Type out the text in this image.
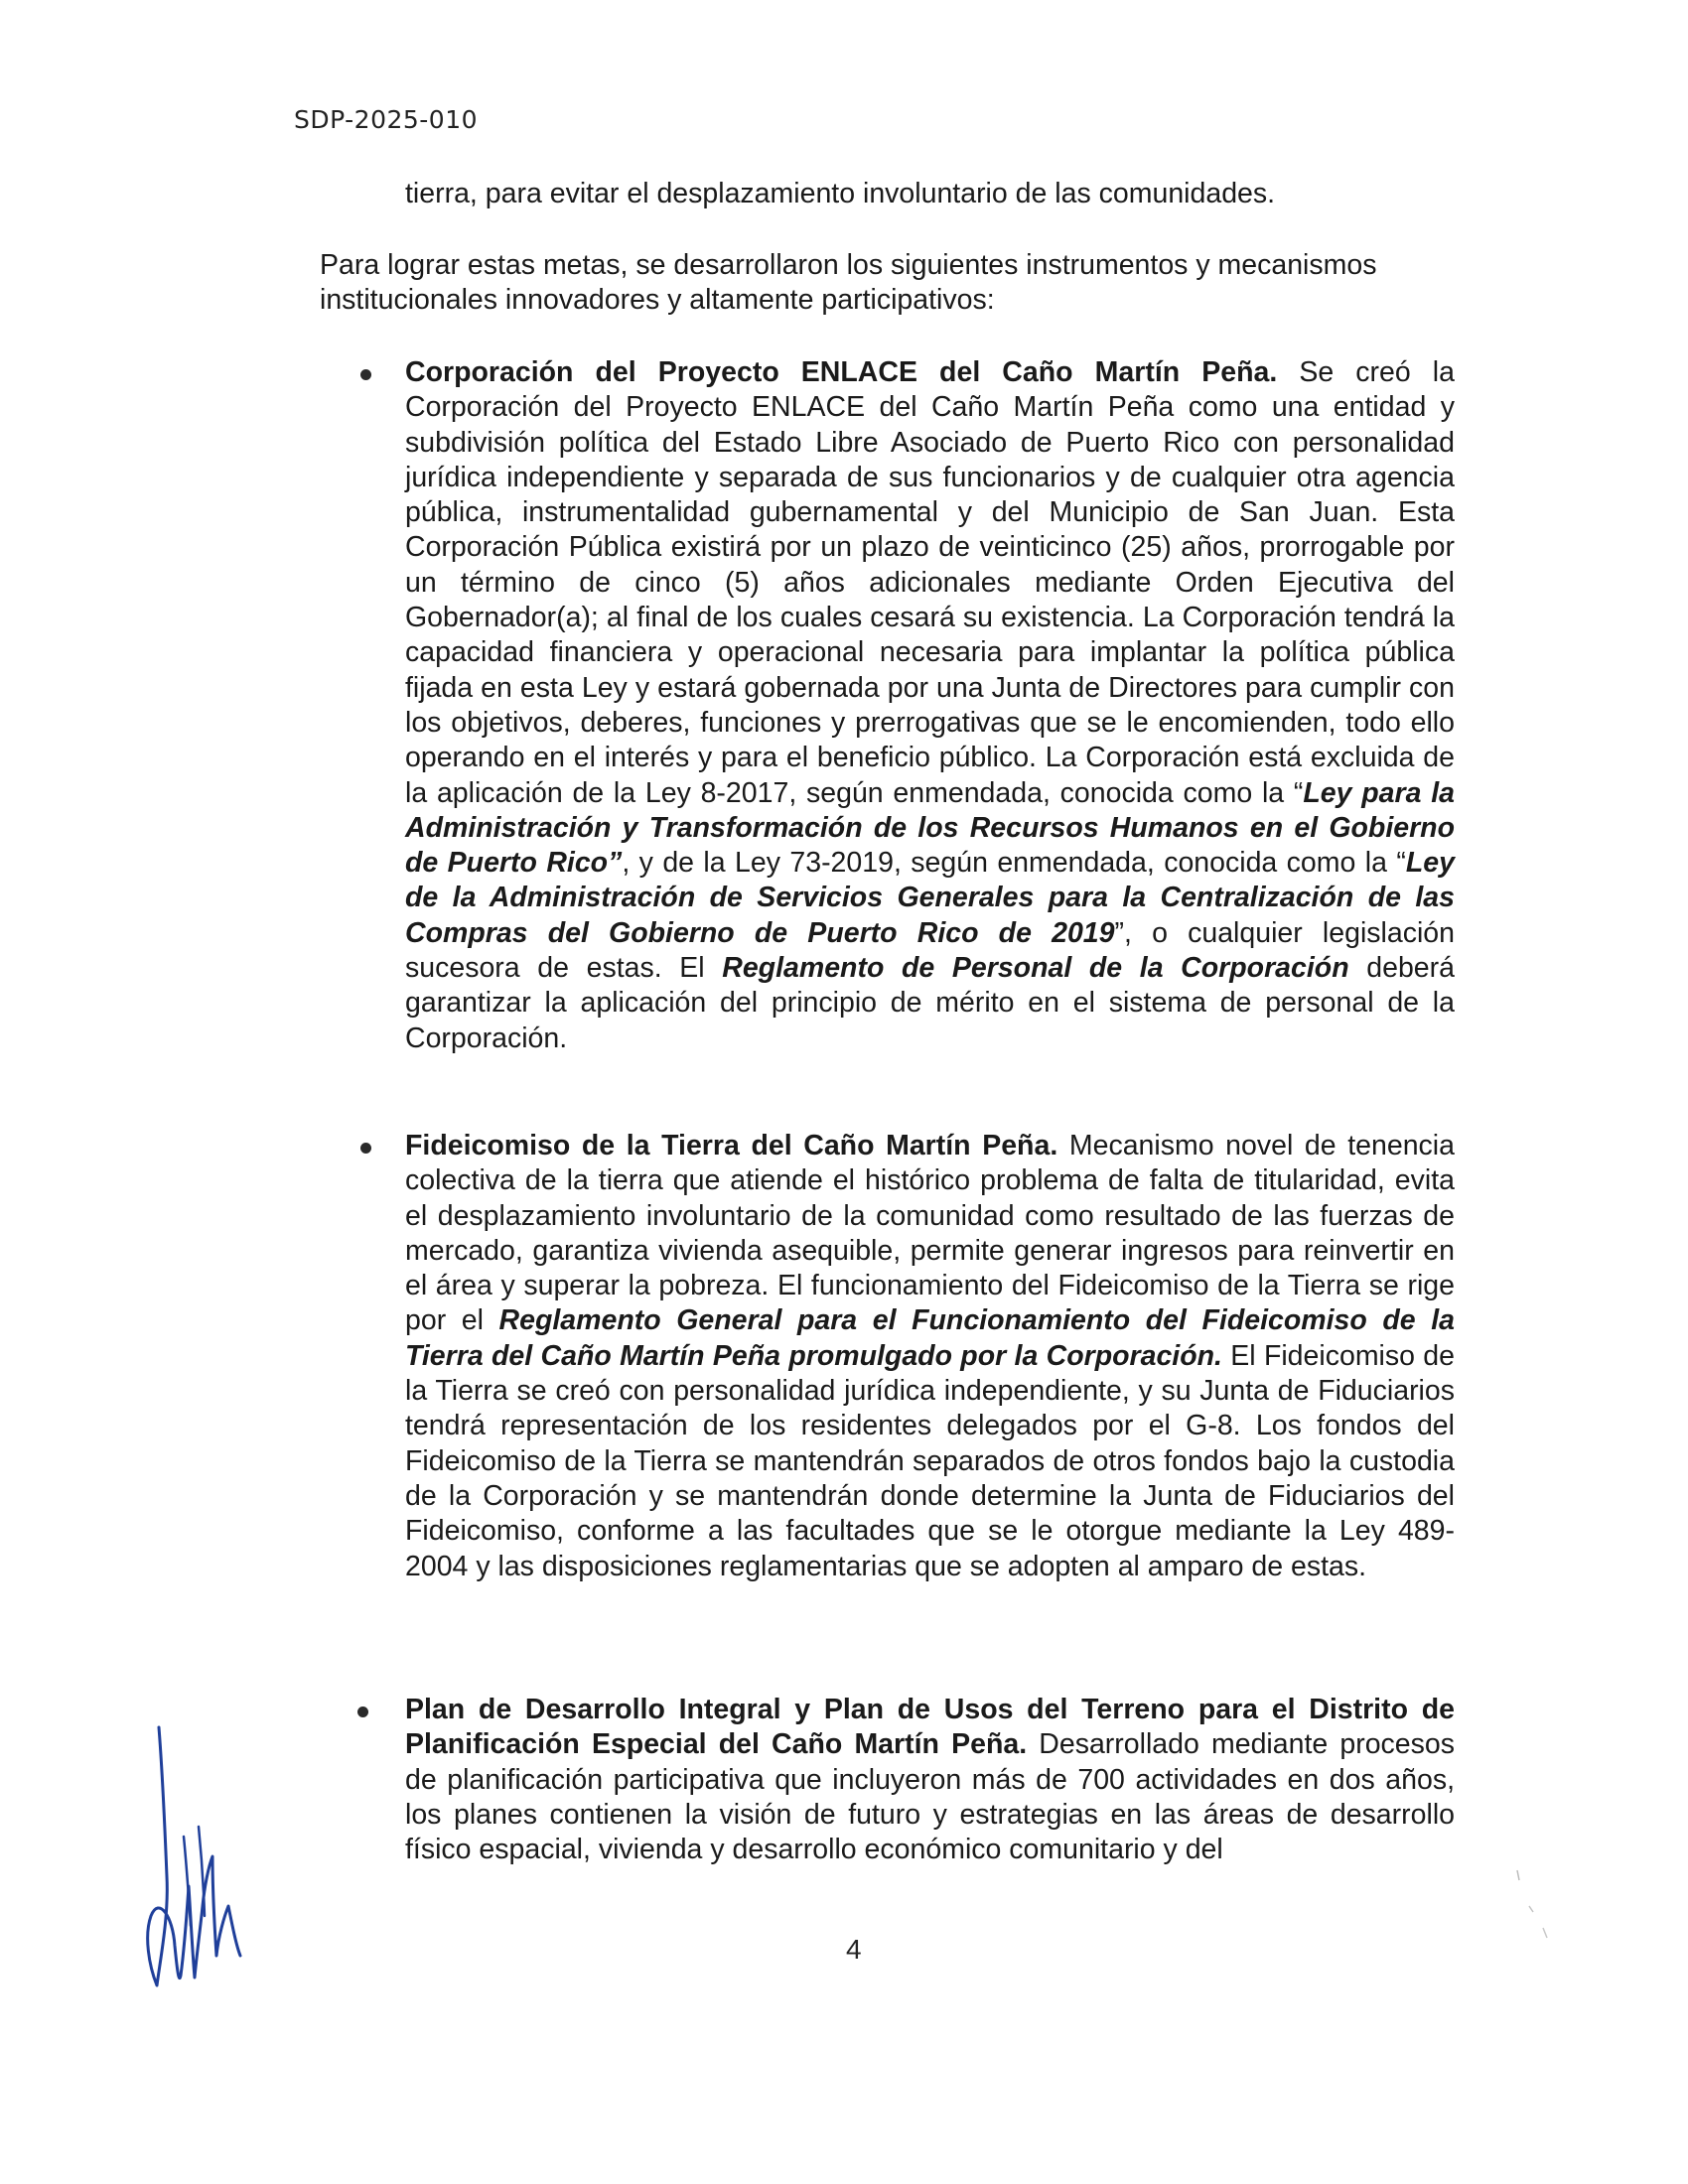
SDP-2025-010
tierra, para evitar el desplazamiento involuntario de las comunidades.
Para lograr estas metas, se desarrollaron los siguientes instrumentos y mecanismos institucionales innovadores y altamente participativos:
Corporación del Proyecto ENLACE del Caño Martín Peña. Se creó la Corporación del Proyecto ENLACE del Caño Martín Peña como una entidad y subdivisión política del Estado Libre Asociado de Puerto Rico con personalidad jurídica independiente y separada de sus funcionarios y de cualquier otra agencia pública, instrumentalidad gubernamental y del Municipio de San Juan. Esta Corporación Pública existirá por un plazo de veinticinco (25) años, prorrogable por un término de cinco (5) años adicionales mediante Orden Ejecutiva del Gobernador(a); al final de los cuales cesará su existencia. La Corporación tendrá la capacidad financiera y operacional necesaria para implantar la política pública fijada en esta Ley y estará gobernada por una Junta de Directores para cumplir con los objetivos, deberes, funciones y prerrogativas que se le encomienden, todo ello operando en el interés y para el beneficio público. La Corporación está excluida de la aplicación de la Ley 8-2017, según enmendada, conocida como la “Ley para la Administración y Transformación de los Recursos Humanos en el Gobierno de Puerto Rico”, y de la Ley 73-2019, según enmendada, conocida como la “Ley de la Administración de Servicios Generales para la Centralización de las Compras del Gobierno de Puerto Rico de 2019”, o cualquier legislación sucesora de estas. El Reglamento de Personal de la Corporación deberá garantizar la aplicación del principio de mérito en el sistema de personal de la Corporación.
Fideicomiso de la Tierra del Caño Martín Peña. Mecanismo novel de tenencia colectiva de la tierra que atiende el histórico problema de falta de titularidad, evita el desplazamiento involuntario de la comunidad como resultado de las fuerzas de mercado, garantiza vivienda asequible, permite generar ingresos para reinvertir en el área y superar la pobreza. El funcionamiento del Fideicomiso de la Tierra se rige por el Reglamento General para el Funcionamiento del Fideicomiso de la Tierra del Caño Martín Peña promulgado por la Corporación. El Fideicomiso de la Tierra se creó con personalidad jurídica independiente, y su Junta de Fiduciarios tendrá representación de los residentes delegados por el G-8. Los fondos del Fideicomiso de la Tierra se mantendrán separados de otros fondos bajo la custodia de la Corporación y se mantendrán donde determine la Junta de Fiduciarios del Fideicomiso, conforme a las facultades que se le otorgue mediante la Ley 489-2004 y las disposiciones reglamentarias que se adopten al amparo de estas.
Plan de Desarrollo Integral y Plan de Usos del Terreno para el Distrito de Planificación Especial del Caño Martín Peña. Desarrollado mediante procesos de planificación participativa que incluyeron más de 700 actividades en dos años, los planes contienen la visión de futuro y estrategias en las áreas de desarrollo físico espacial, vivienda y desarrollo económico comunitario y del
4
